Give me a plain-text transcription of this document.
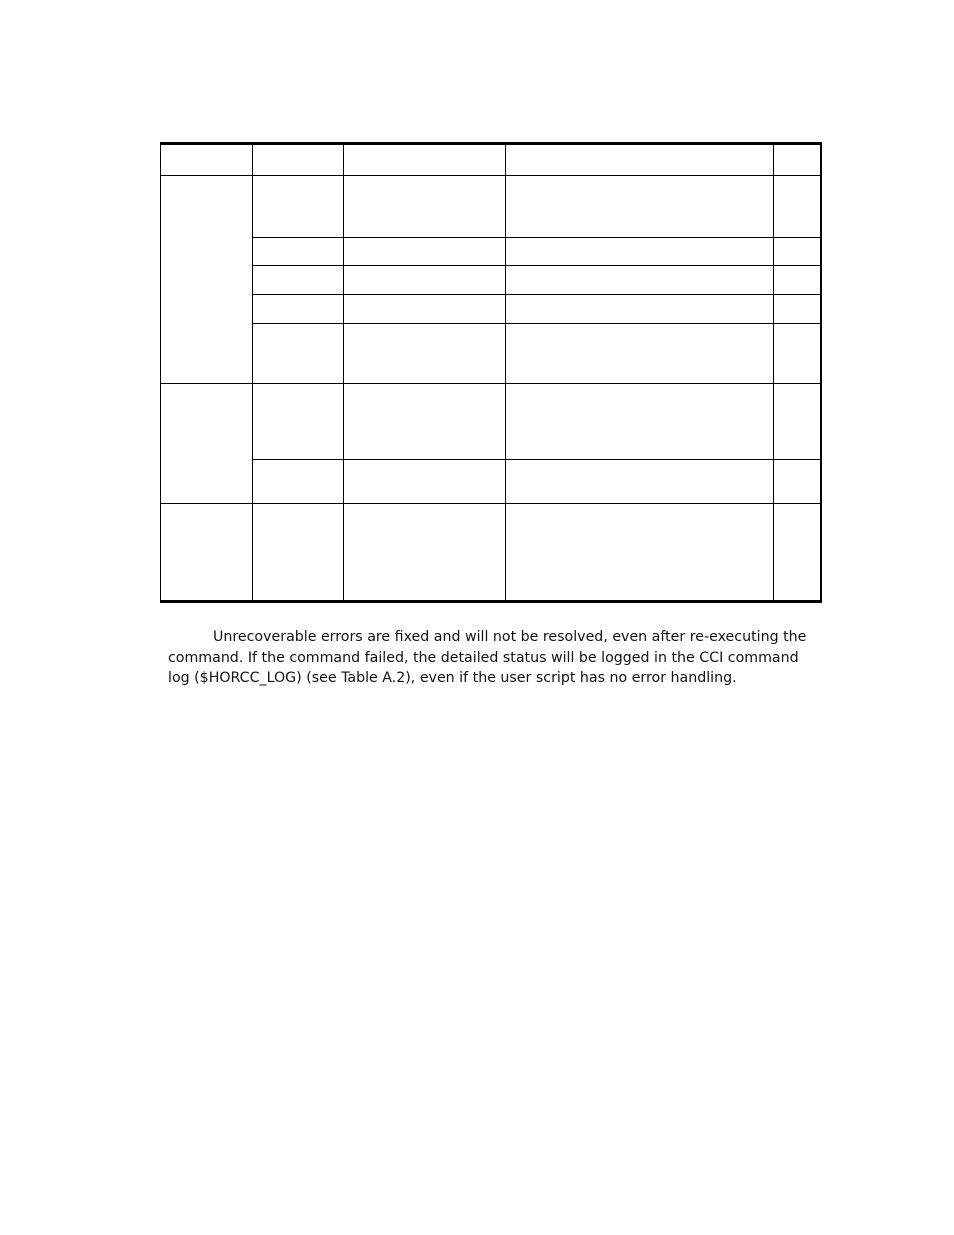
Unrecoverable errors are fixed and will not be resolved, even after re-executing the command. If the command failed, the detailed status will be logged in the CCI command log ($HORCC_LOG) (see Table A.2), even if the user script has no error handling.
